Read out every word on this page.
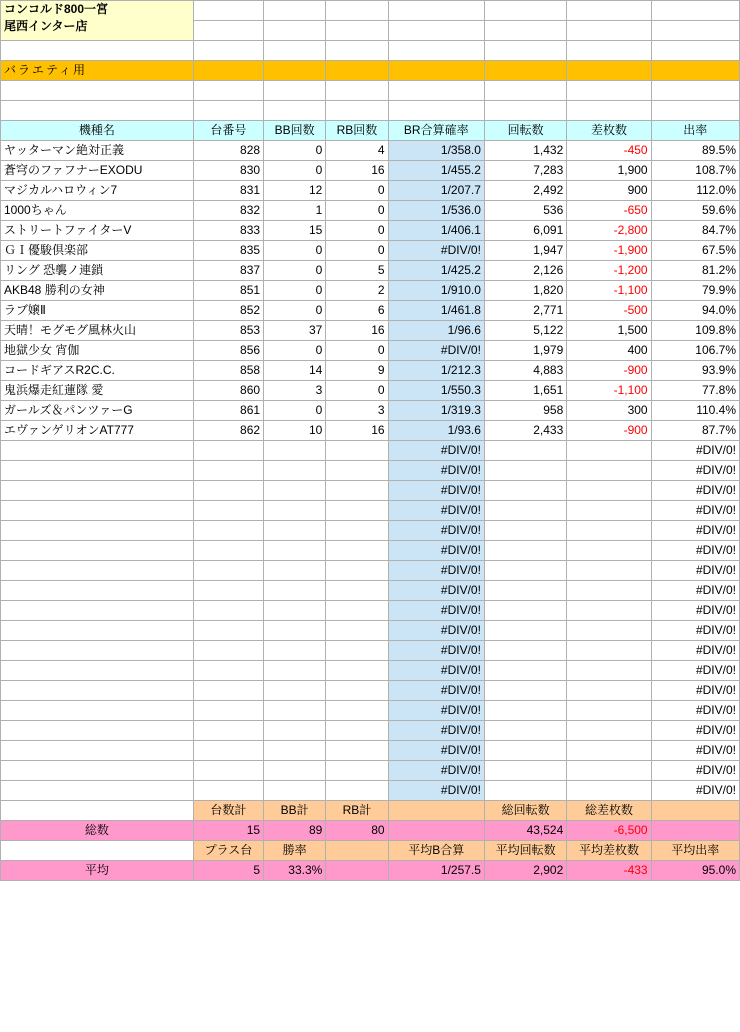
コンコルド800一宮
尾西インター店							

バラエティ用							

機種名	台番号	BB回数	RB回数	BR合算確率	回転数	差枚数	出率
ヤッターマン絶対正義	828	0	4	1/358.0	1,432	-450	89.5%
蒼穹のファフナーEXODU	830	0	16	1/455.2	7,283	1,900	108.7%
マジカルハロウィン7	831	12	0	1/207.7	2,492	900	112.0%
1000ちゃん	832	1	0	1/536.0	536	-650	59.6%
ストリートファイターV	833	15	0	1/406.1	6,091	-2,800	84.7%
ＧＩ優駿倶楽部	835	0	0	#DIV/0!	1,947	-1,900	67.5%
リング 恐襲ノ連鎖	837	0	5	1/425.2	2,126	-1,200	81.2%
AKB48 勝利の女神	851	0	2	1/910.0	1,820	-1,100	79.9%
ラブ嬢Ⅱ	852	0	6	1/461.8	2,771	-500	94.0%
天晴！モグモグ風林火山	853	37	16	1/96.6	5,122	1,500	109.8%
地獄少女 宵伽	856	0	0	#DIV/0!	1,979	400	106.7%
コードギアスR2C.C.	858	14	9	1/212.3	4,883	-900	93.9%
鬼浜爆走紅蓮隊 愛	860	3	0	1/550.3	1,651	-1,100	77.8%
ガールズ＆パンツァーG	861	0	3	1/319.3	958	300	110.4%
エヴァンゲリオンAT777	862	10	16	1/93.6	2,433	-900	87.7%
				#DIV/0!			#DIV/0!
				#DIV/0!			#DIV/0!
				#DIV/0!			#DIV/0!
				#DIV/0!			#DIV/0!
				#DIV/0!			#DIV/0!
				#DIV/0!			#DIV/0!
				#DIV/0!			#DIV/0!
				#DIV/0!			#DIV/0!
				#DIV/0!			#DIV/0!
				#DIV/0!			#DIV/0!
				#DIV/0!			#DIV/0!
				#DIV/0!			#DIV/0!
				#DIV/0!			#DIV/0!
				#DIV/0!			#DIV/0!
				#DIV/0!			#DIV/0!
				#DIV/0!			#DIV/0!
				#DIV/0!			#DIV/0!
				#DIV/0!			#DIV/0!
	台数計	BB計	RB計		総回転数	総差枚数	
総数	15	89	80		43,524	-6,500	
	プラス台	勝率		平均B合算	平均回転数	平均差枚数	平均出率
平均	5	33.3%		1/257.5	2,902	-433	95.0%
